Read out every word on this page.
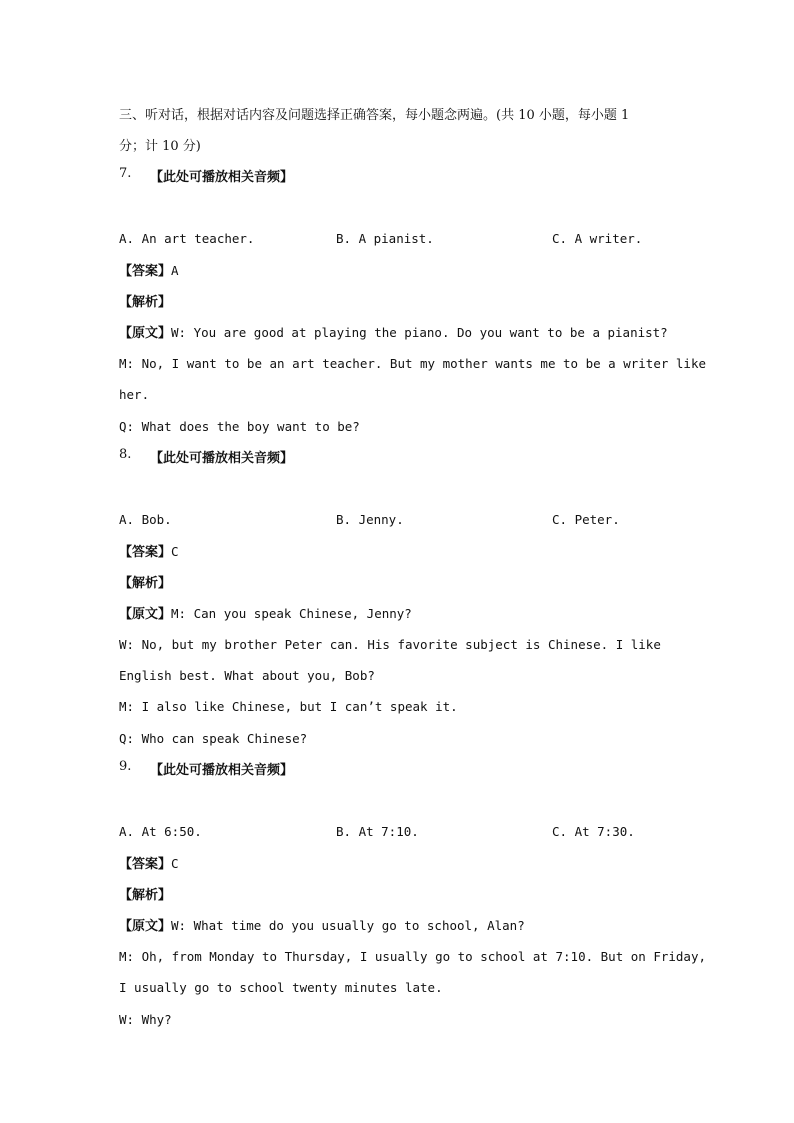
三、听对话，根据对话内容及问题选择正确答案，每小题念两遍。(共 10 小题，每小题 1
分；计 10 分)
7. 【此处可播放相关音频】
A. An art teacher.	B. A pianist.	C. A writer.
【答案】A
【解析】
【原文】W: You are good at playing the piano. Do you want to be a pianist?
M: No, I want to be an art teacher. But my mother wants me to be a writer like
her.
Q: What does the boy want to be?
8. 【此处可播放相关音频】
A. Bob.	B. Jenny.	C. Peter.
【答案】C
【解析】
【原文】M: Can you speak Chinese, Jenny?
W: No, but my brother Peter can. His favorite subject is Chinese. I like
English best. What about you, Bob?
M: I also like Chinese, but I can’t speak it.
Q: Who can speak Chinese?
9. 【此处可播放相关音频】
A. At 6:50.	B. At 7:10.	C. At 7:30.
【答案】C
【解析】
【原文】W: What time do you usually go to school, Alan?
M: Oh, from Monday to Thursday, I usually go to school at 7:10. But on Friday,
I usually go to school twenty minutes late.
W: Why?
